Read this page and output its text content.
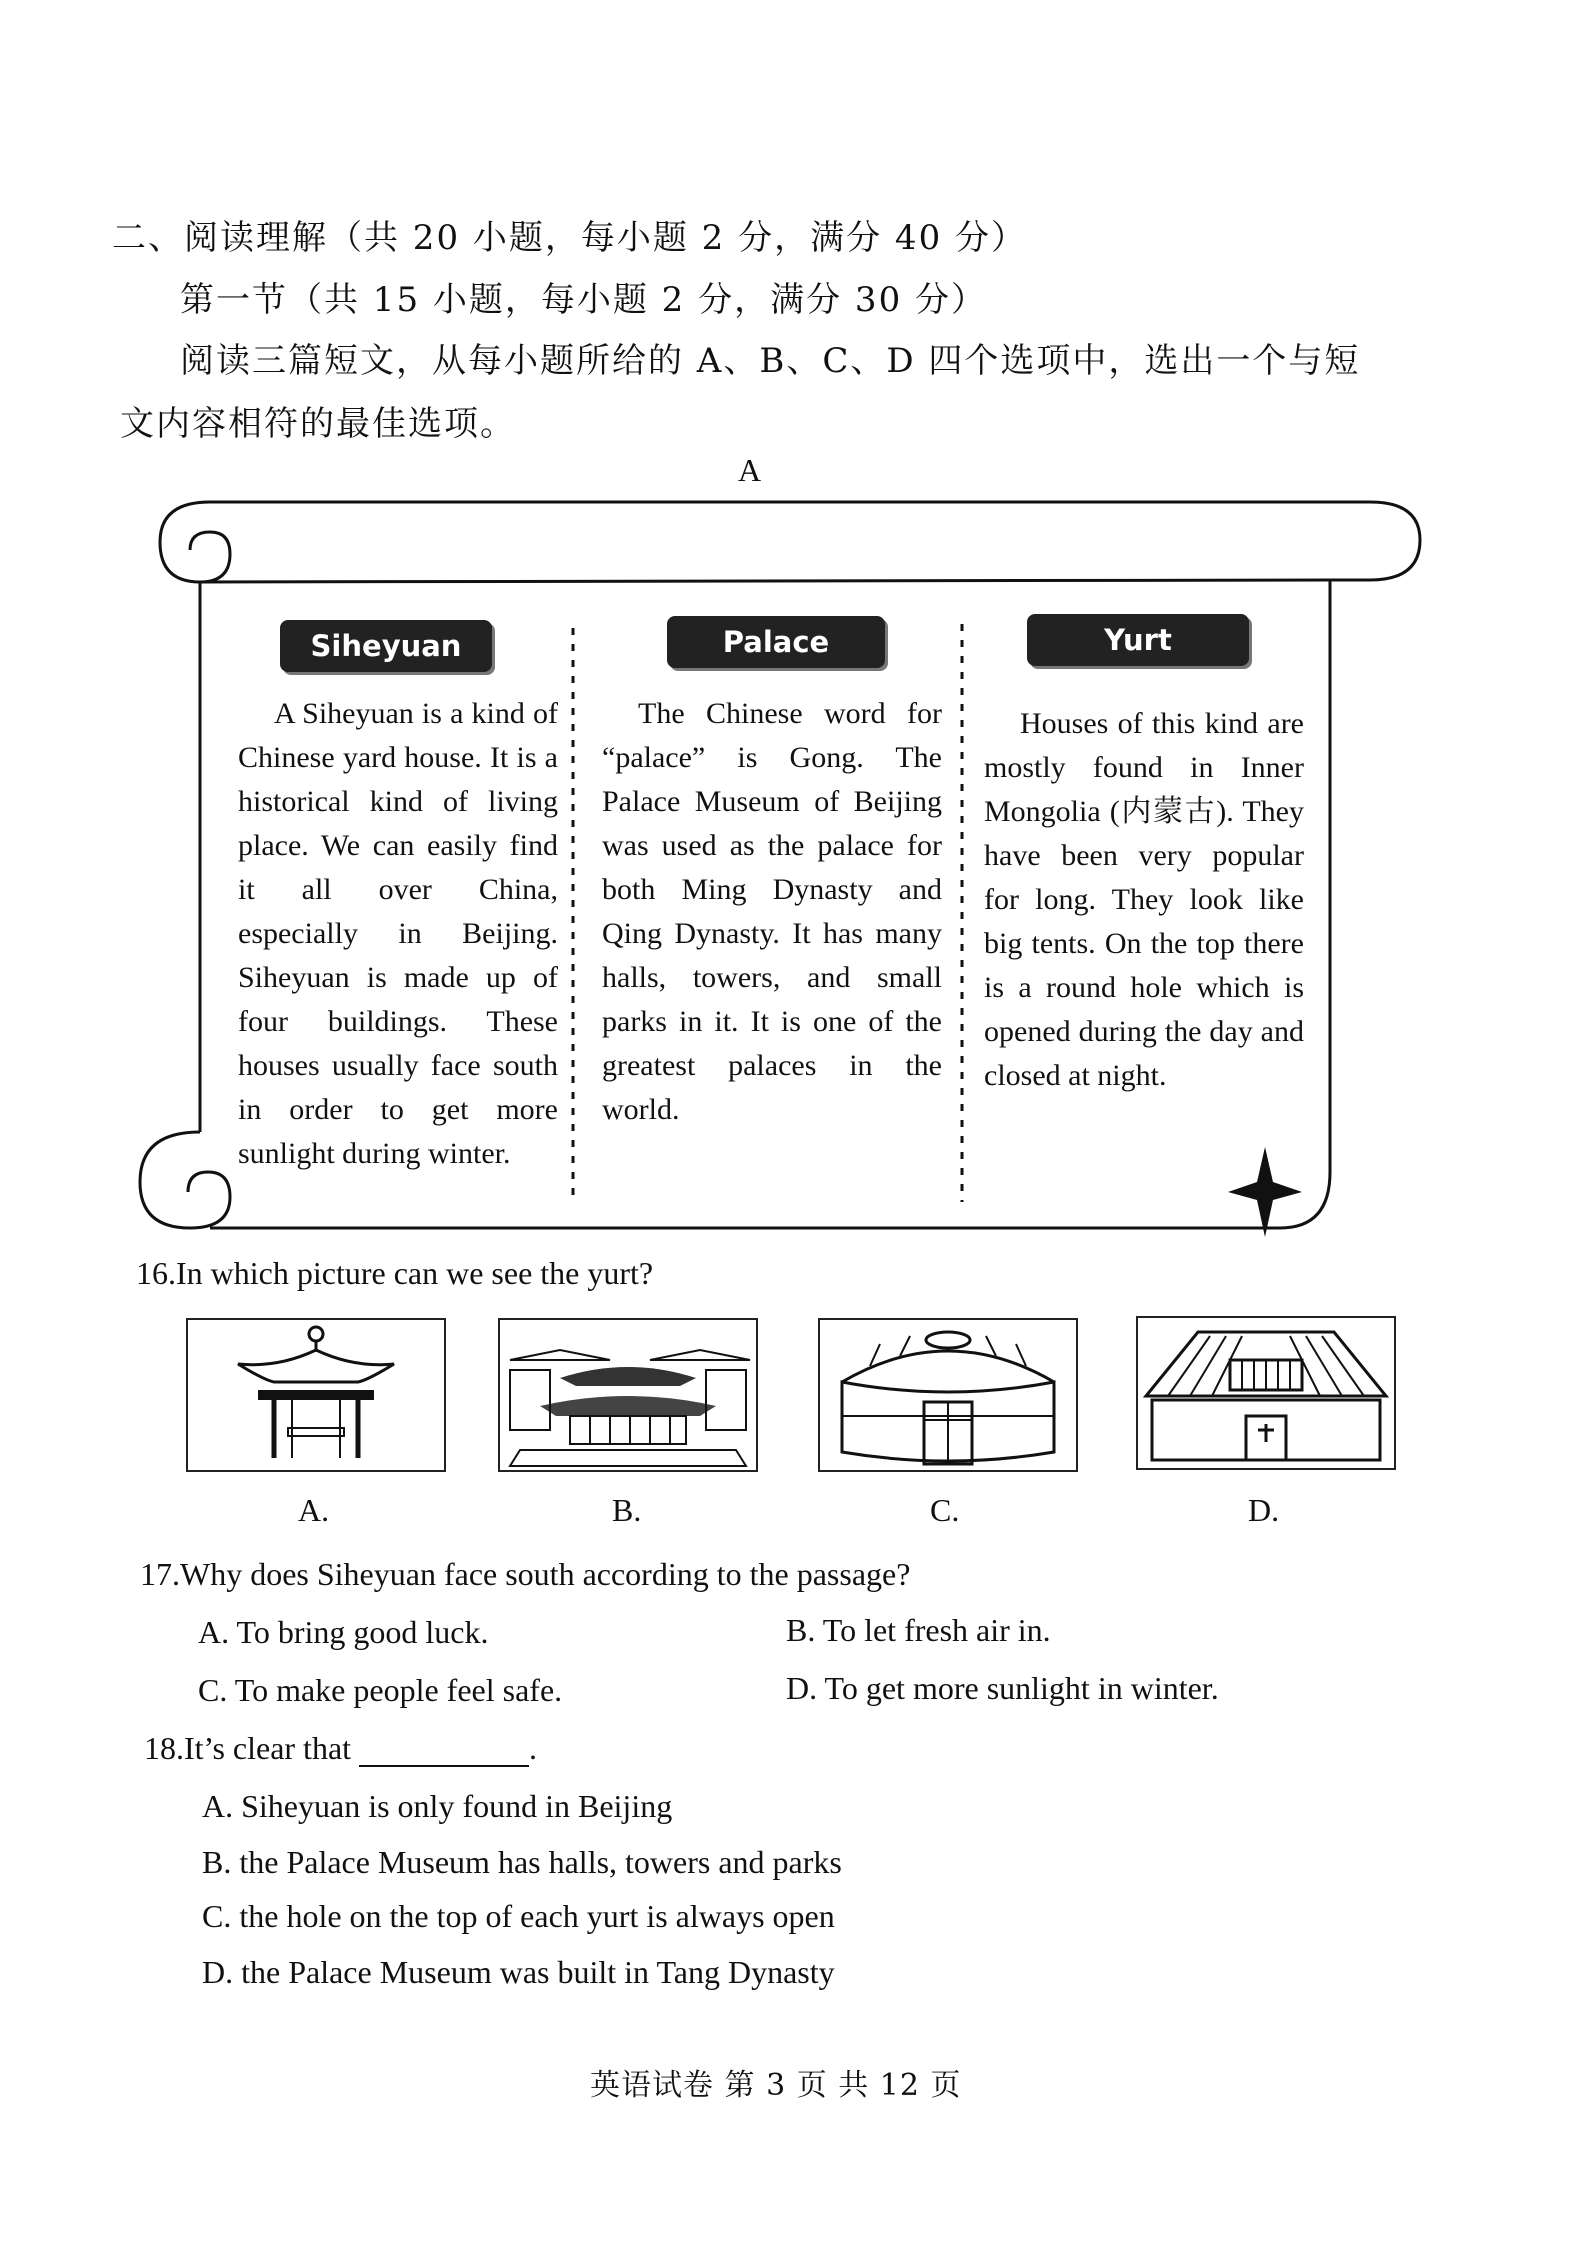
二、阅读理解（共 20 小题，每小题 2 分，满分 40 分）
第一节（共 15 小题，每小题 2 分，满分 30 分）
阅读三篇短文，从每小题所给的 A、B、C、D 四个选项中，选出一个与短
文内容相符的最佳选项。
A
Siheyuan	Palace	Yurt

A Siheyuan is a kind of Chinese yard house. It is a historical kind of living place. We can easily find it all over China, especially in Beijing. Siheyuan is made up of four buildings. These houses usually face south in order to get more sunlight during winter.

The Chinese word for “palace” is Gong. The Palace Museum of Beijing was used as the palace for both Ming Dynasty and Qing Dynasty. It has many halls, towers, and small parks in it. It is one of the greatest palaces in the world.

Houses of this kind are mostly found in Inner Mongolia (内蒙古). They have been very popular for long. They look like big tents. On the top there is a round hole which is opened during the day and closed at night.

16.In which picture can we see the yurt?
A.	B.	C.	D.
17.Why does Siheyuan face south according to the passage?
A. To bring good luck.	B. To let fresh air in.
C. To make people feel safe.	D. To get more sunlight in winter.
18.It’s clear that	.
A. Siheyuan is only found in Beijing
B. the Palace Museum has halls, towers and parks
C. the hole on the top of each yurt is always open
D. the Palace Museum was built in Tang Dynasty
英语试卷 第 3 页 共 12 页
